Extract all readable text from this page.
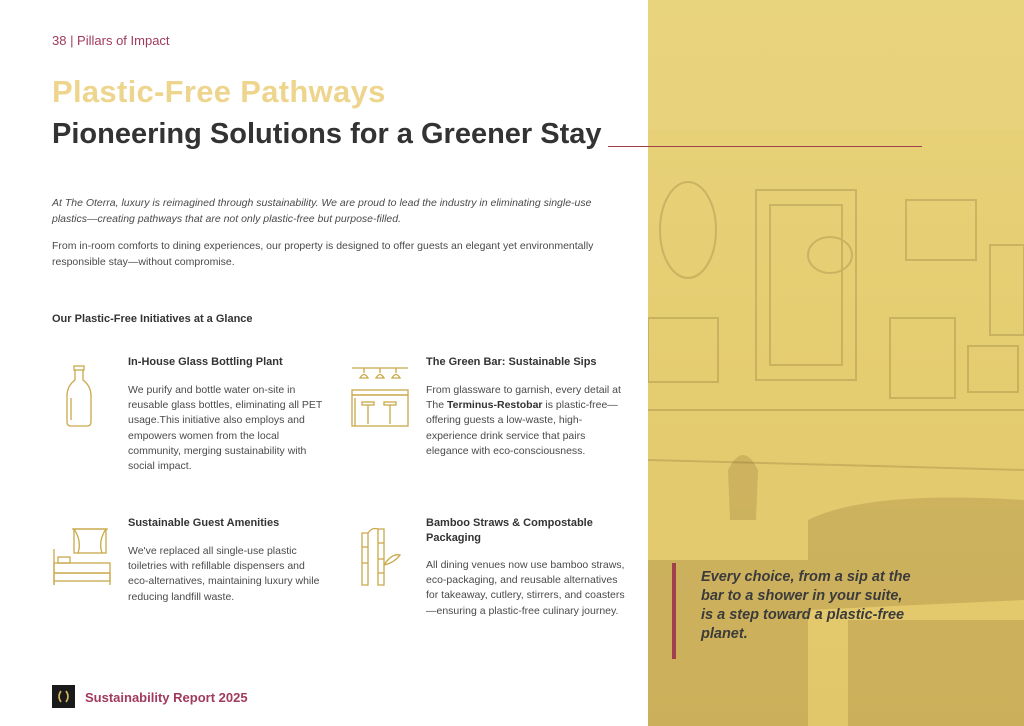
38 | Pillars of Impact
Plastic-Free Pathways
Pioneering Solutions for a Greener Stay

At The Oterra, luxury is reimagined through sustainability. We are proud to lead the industry in eliminating single-use plastics—creating pathways that are not only plastic-free but purpose-filled.

From in-room comforts to dining experiences, our property is designed to offer guests an elegant yet environmentally responsible stay—without compromise.

Our Plastic-Free Initiatives at a Glance
In-House Glass Bottling Plant

We purify and bottle water on-site in reusable glass bottles, eliminating all PET usage.This initiative also employs and empowers women from the local community, merging sustainability with social impact.

The Green Bar: Sustainable Sips

From glassware to garnish, every detail at The Terminus-Restobar is plastic-free—offering guests a low-waste, high-experience drink service that pairs elegance with eco-consciousness.

Sustainable Guest Amenities

We've replaced all single-use plastic toiletries with refillable dispensers and eco-alternatives, maintaining luxury while reducing landfill waste.

Bamboo Straws & Compostable Packaging

All dining venues now use bamboo straws, eco-packaging, and reusable alternatives for takeaway, cutlery, stirrers, and coasters—ensuring a plastic-free culinary journey.

Sustainability Report 2025

Every choice, from a sip at the bar to a shower in your suite, is a step toward a plastic-free planet.
